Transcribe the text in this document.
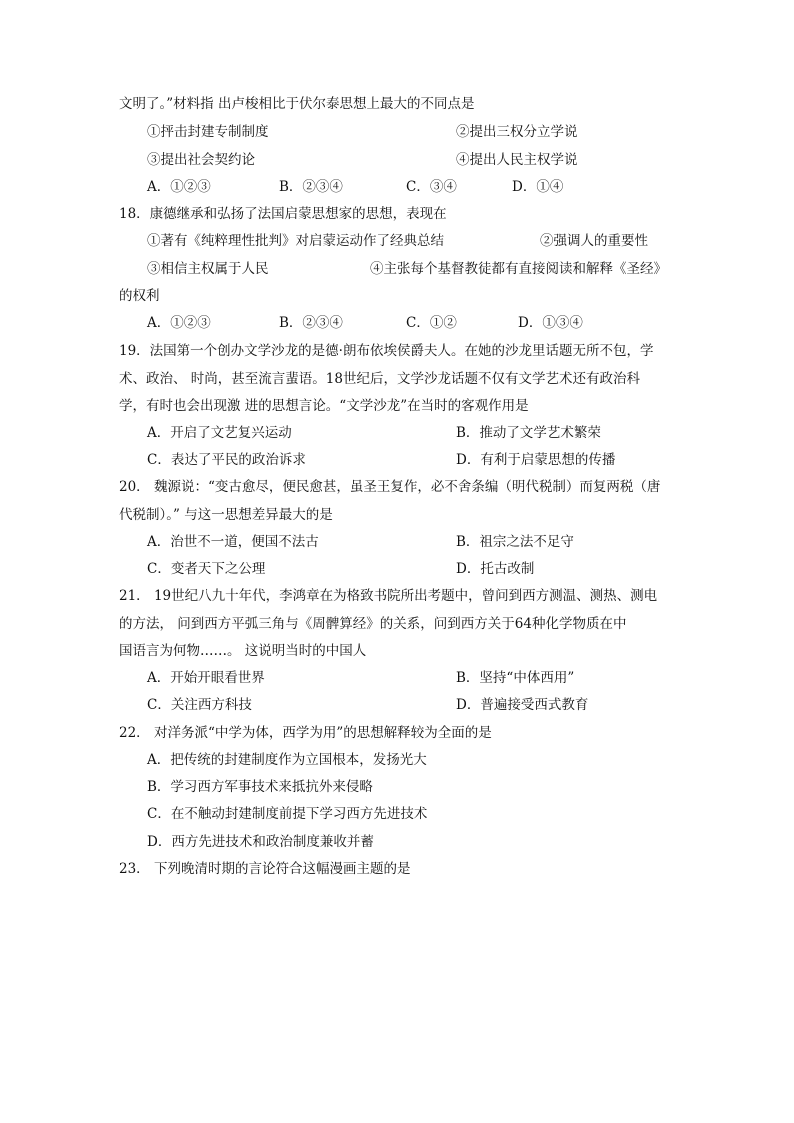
文明了。”材料指 出卢梭相比于伏尔泰思想上最大的不同点是
①抨击封建专制制度	②提出三权分立学说
③提出社会契约论	④提出人民主权学说
A．①②③	B．②③④	C．③④	D．①④
18．康德继承和弘扬了法国启蒙思想家的思想，表现在
①著有《纯粹理性批判》对启蒙运动作了经典总结	②强调人的重要性
③相信主权属于人民	④主张每个基督教徒都有直接阅读和解释《圣经》
的权利
A．①②③	B．②③④	C．①②	D．①③④
19．法国第一个创办文学沙龙的是德·朗布依埃侯爵夫人。在她的沙龙里话题无所不包，学
术、政治、 时尚，甚至流言蜚语。18世纪后，文学沙龙话题不仅有文学艺术还有政治科
学，有时也会出现激 进的思想言论。“文学沙龙”在当时的客观作用是
A．开启了文艺复兴运动	B．推动了文学艺术繁荣
C．表达了平民的政治诉求	D．有利于启蒙思想的传播
20． 魏源说：“变古愈尽，便民愈甚，虽圣王复作，必不舍条编（明代税制）而复两税（唐
代税制）。” 与这一思想差异最大的是
A．治世不一道，便国不法古	B．祖宗之法不足守
C．变者天下之公理	D．托古改制
21． 19世纪八九十年代，李鸿章在为格致书院所出考题中，曾问到西方测温、测热、测电
的方法， 问到西方平弧三角与《周髀算经》的关系，问到西方关于64种化学物质在中
国语言为何物……。 这说明当时的中国人
A．开始开眼看世界	B．坚持“中体西用”
C．关注西方科技	D．普遍接受西式教育
22． 对洋务派“中学为体，西学为用”的思想解释较为全面的是
A．把传统的封建制度作为立国根本，发扬光大
B．学习西方军事技术来抵抗外来侵略
C．在不触动封建制度前提下学习西方先进技术
D．西方先进技术和政治制度兼收并蓄
23． 下列晚清时期的言论符合这幅漫画主题的是
